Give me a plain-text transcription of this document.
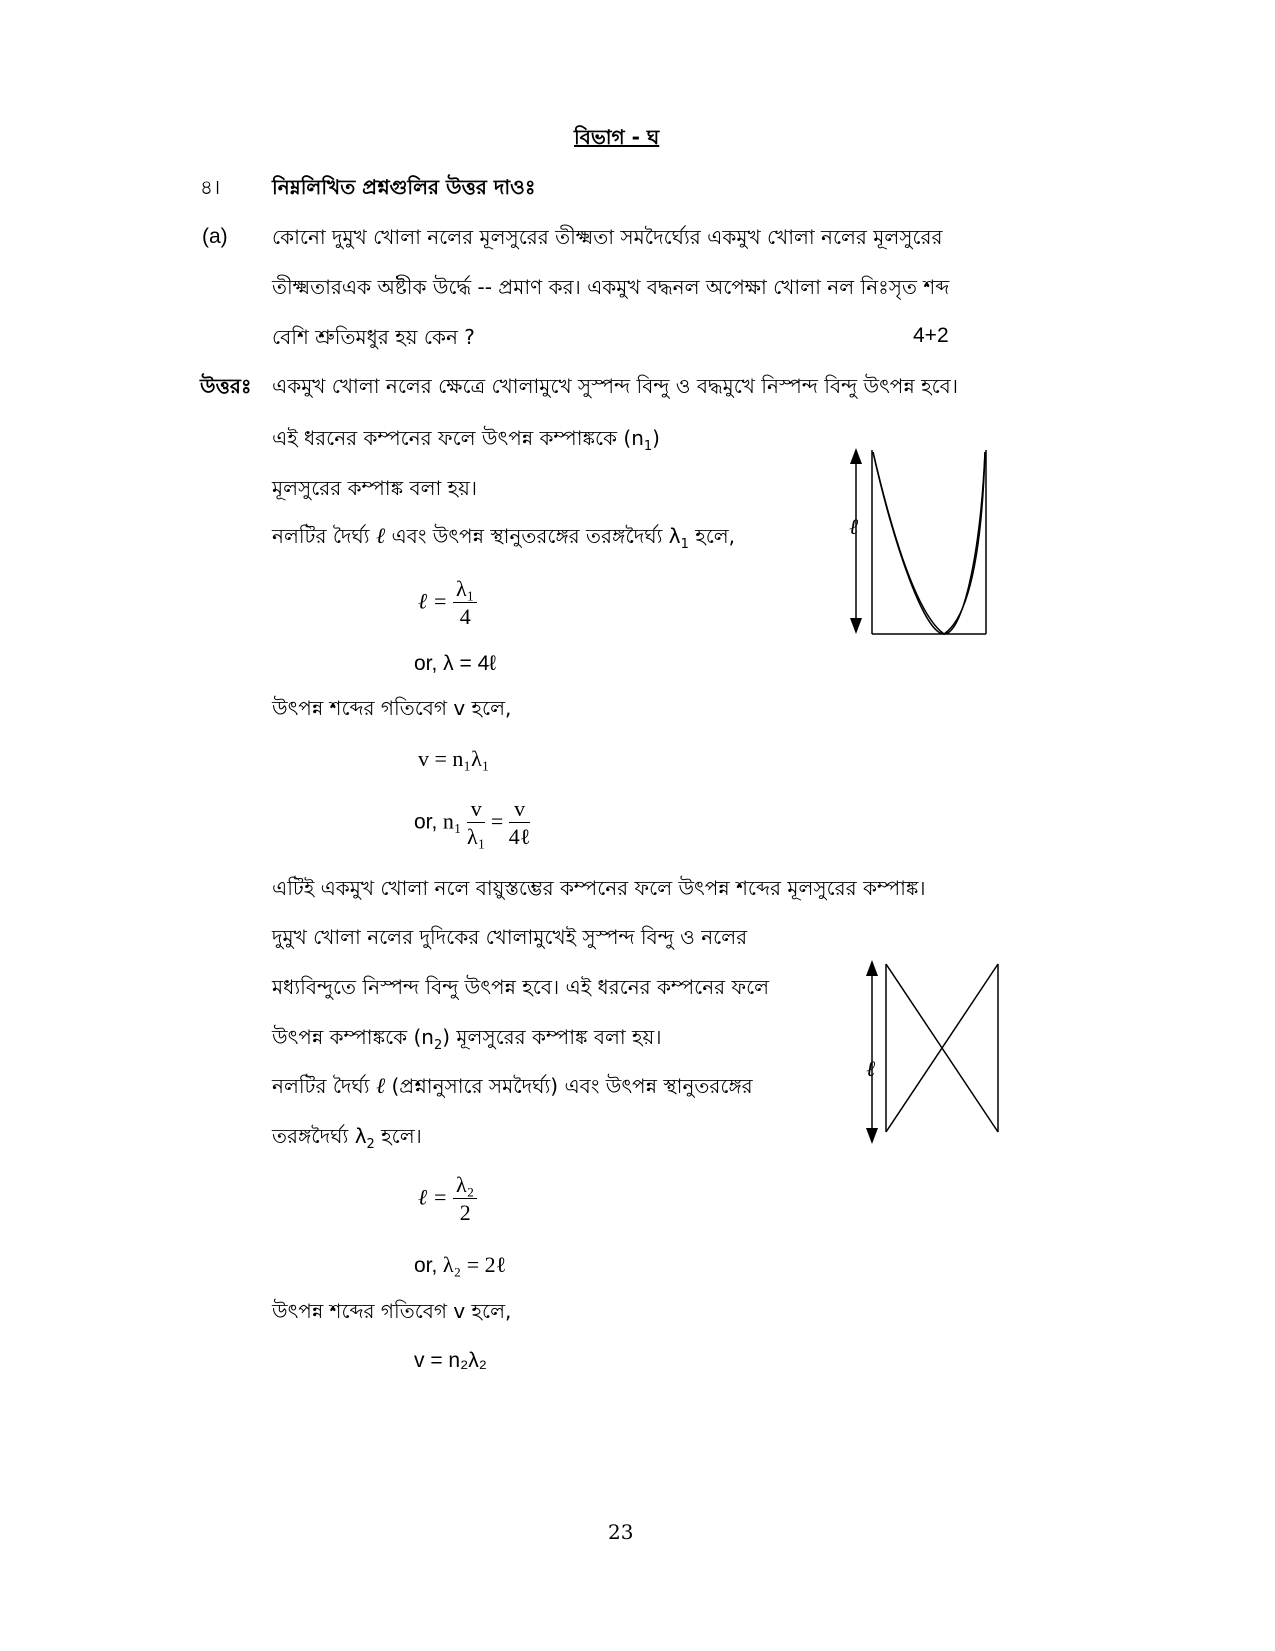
বিভাগ - ঘ
৪।	নিম্নলিখিত প্রশ্নগুলির উত্তর দাওঃ
(a) কোনো দুমুখ খোলা নলের মূলসুরের তীক্ষ্মতা সমদৈর্ঘ্যের একমুখ খোলা নলের মূলসুরের
তীক্ষ্মতারএক অষ্টীক উর্দ্ধে -- প্রমাণ কর। একমুখ বদ্ধনল অপেক্ষা খোলা নল নিঃসৃত শব্দ
বেশি শ্রুতিমধুর হয় কেন ?	4+2
উত্তরঃ একমুখ খোলা নলের ক্ষেত্রে খোলামুখে সুস্পন্দ বিন্দু ও বদ্ধমুখে নিস্পন্দ বিন্দু উৎপন্ন হবে।
এই ধরনের কম্পনের ফলে উৎপন্ন কম্পাঙ্ককে $(n_1)$
মূলসুরের কম্পাঙ্ক বলা হয়।
নলটির দৈর্ঘ্য ℓ এবং উৎপন্ন স্থানুতরঙ্গের তরঙ্গদৈর্ঘ্য $\lambda_1$ হলে,
ℓ = $\frac{\text{λ₁}}{4}$
or, λ = 4ℓ
উৎপন্ন শব্দের গতিবেগ v হলে,
v = n₁λ₁
or, $n_1 \frac{v}{\text{λ₁}} = \frac{v}{\text{4ℓ}}$
এটিই একমুখ খোলা নলে বায়ুস্তম্ভের কম্পনের ফলে উৎপন্ন শব্দের মূলসুরের কম্পাঙ্ক।
দুমুখ খোলা নলের দুদিকের খোলামুখেই সুস্পন্দ বিন্দু ও নলের
মধ্যবিন্দুতে নিস্পন্দ বিন্দু উৎপন্ন হবে। এই ধরনের কম্পনের ফলে
উৎপন্ন কম্পাঙ্ককে $(n_2)$ মূলসুরের কম্পাঙ্ক বলা হয়।
নলটির দৈর্ঘ্য ℓ (প্রশ্নানুসারে সমদৈর্ঘ্য) এবং উৎপন্ন স্থানুতরঙ্গের
তরঙ্গদৈর্ঘ্য $\lambda_2$ হলে।
ℓ = $\frac{\text{λ₂}}{2}$
or, λ₂ = 2ℓ
উৎপন্ন শব্দের গতিবেগ v হলে,
v = n₂λ₂
ℓ
ℓ
23
